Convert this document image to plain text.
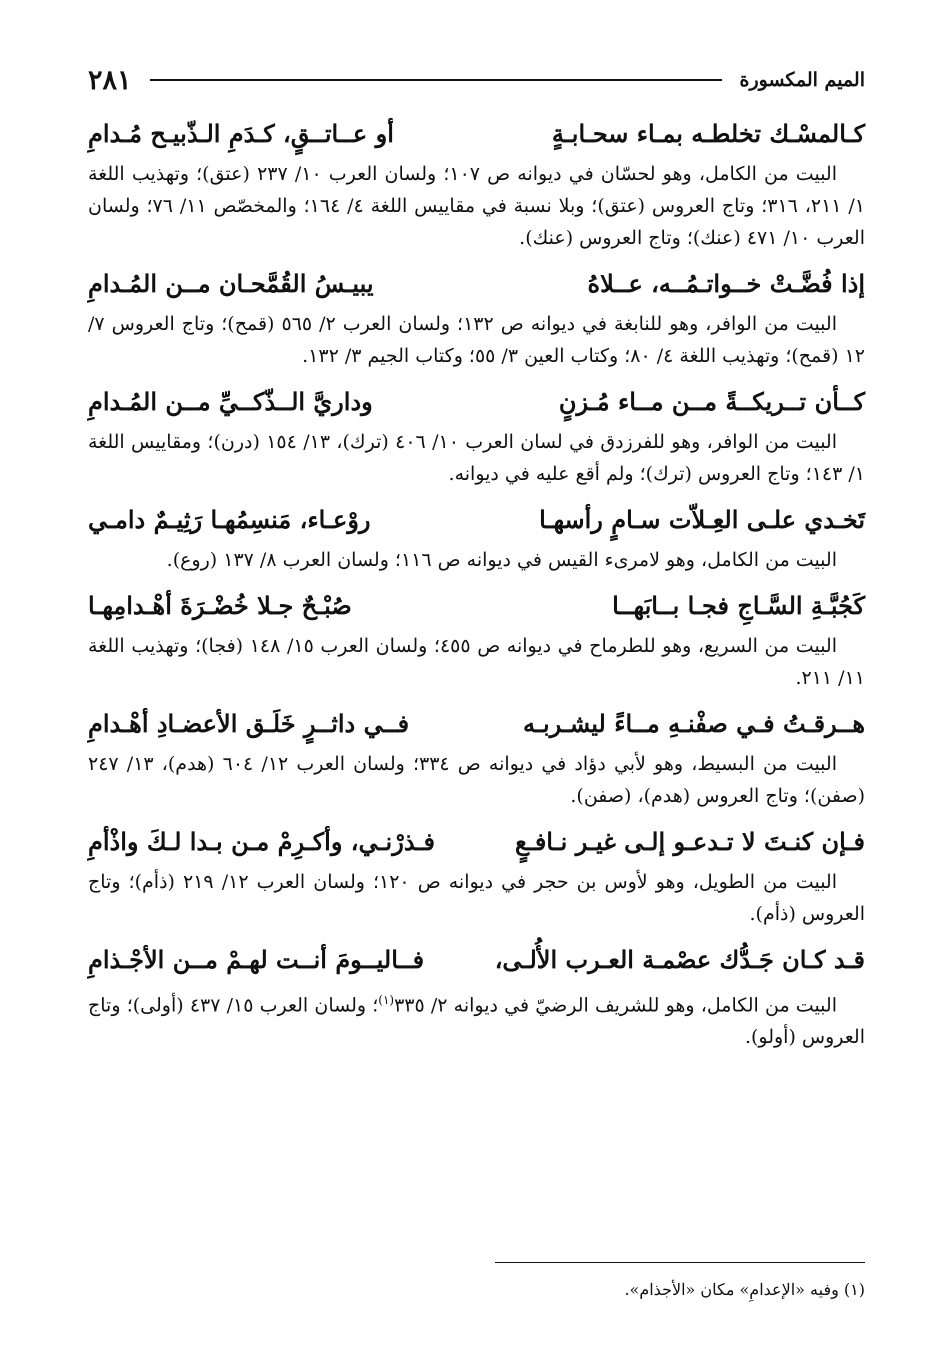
الميم المكسورة
٢٨١
كـالمسْـك تخلطـه بمـاء سحـابـةٍ
أو عــاتــقٍ، كـدَمِ الـذّبيـح مُـدامِ

البيت من الكامل، وهو لحسّان في ديوانه ص ١٠٧؛ ولسان العرب ١٠/ ٢٣٧ (عتق)؛ وتهذيب اللغة ١/ ٢١١، ٣١٦؛ وتاج العروس (عتق)؛ وبلا نسبة في مقاييس اللغة ٤/ ١٦٤؛ والمخصّص ١١/ ٧٦؛ ولسان العرب ١٠/ ٤٧١ (عنك)؛ وتاج العروس (عنك).

إذا فُضَّـتْ خــواتـمُــه، عــلاهُ
يبيـسُ القُمَّحـان مــن المُـدامِ

البيت من الوافر، وهو للنابغة في ديوانه ص ١٣٢؛ ولسان العرب ٢/ ٥٦٥ (قمح)؛ وتاج العروس ٧/ ١٢ (قمح)؛ وتهذيب اللغة ٤/ ٨٠؛ وكتاب العين ٣/ ٥٥؛ وكتاب الجيم ٣/ ١٣٢.

كــأن تــريكــةً مــن مــاء مُـزنٍ
وداريَّ الــذّكــيِّ مــن المُـدامِ

البيت من الوافر، وهو للفرزدق في لسان العرب ١٠/ ٤٠٦ (ترك)، ١٣/ ١٥٤ (درن)؛ ومقاييس اللغة ١/ ١٤٣؛ وتاج العروس (ترك)؛ ولم أقع عليه في ديوانه.

تَخـدي علـى العِـلاّت سـامٍ رأسهـا
روْعـاء، مَنسِمُهـا رَثِيـمٌ دامـي

البيت من الكامل، وهو لامرىء القيس في ديوانه ص ١١٦؛ ولسان العرب ٨/ ١٣٧ (روع).

كَجُبَّـةِ السَّـاجِ فجـا بــابَهــا
صُبْـحٌ جـلا خُضْـرَةَ أهْـدامِهـا

البيت من السريع، وهو للطرماح في ديوانه ص ٤٥٥؛ ولسان العرب ١٥/ ١٤٨ (فجا)؛ وتهذيب اللغة ١١/ ٢١١.

هــرقـتُ فـي صفْنـهِ مــاءً ليشـربـه
فــي داثــرٍ خَلَـق الأعضـادِ أهْـدامِ

البيت من البسيط، وهو لأبي دؤاد في ديوانه ص ٣٣٤؛ ولسان العرب ١٢/ ٦٠٤ (هدم)، ١٣/ ٢٤٧ (صفن)؛ وتاج العروس (هدم)، (صفن).

فـإن كنـتَ لا تـدعـو إلـى غيـر نـافـعٍ
فـذرْنـي، وأكـرِمْ مـن بـدا لـكَ واذْأمِ

البيت من الطويل، وهو لأوس بن حجر في ديوانه ص ١٢٠؛ ولسان العرب ١٢/ ٢١٩ (ذأم)؛ وتاج العروس (ذأم).

قـد كـان جَـدُّك عصْمـة العـرب الأُلـى،
فــاليــومَ أنــت لهـمْ مــن الأجْـذامِ

البيت من الكامل، وهو للشريف الرضيّ في ديوانه ٢/ ٣٣٥$^{(١)}$؛ ولسان العرب ١٥/ ٤٣٧ (أولى)؛ وتاج العروس (أولو).

(١) وفيه «الإعدامِ» مكان «الأجذام».
